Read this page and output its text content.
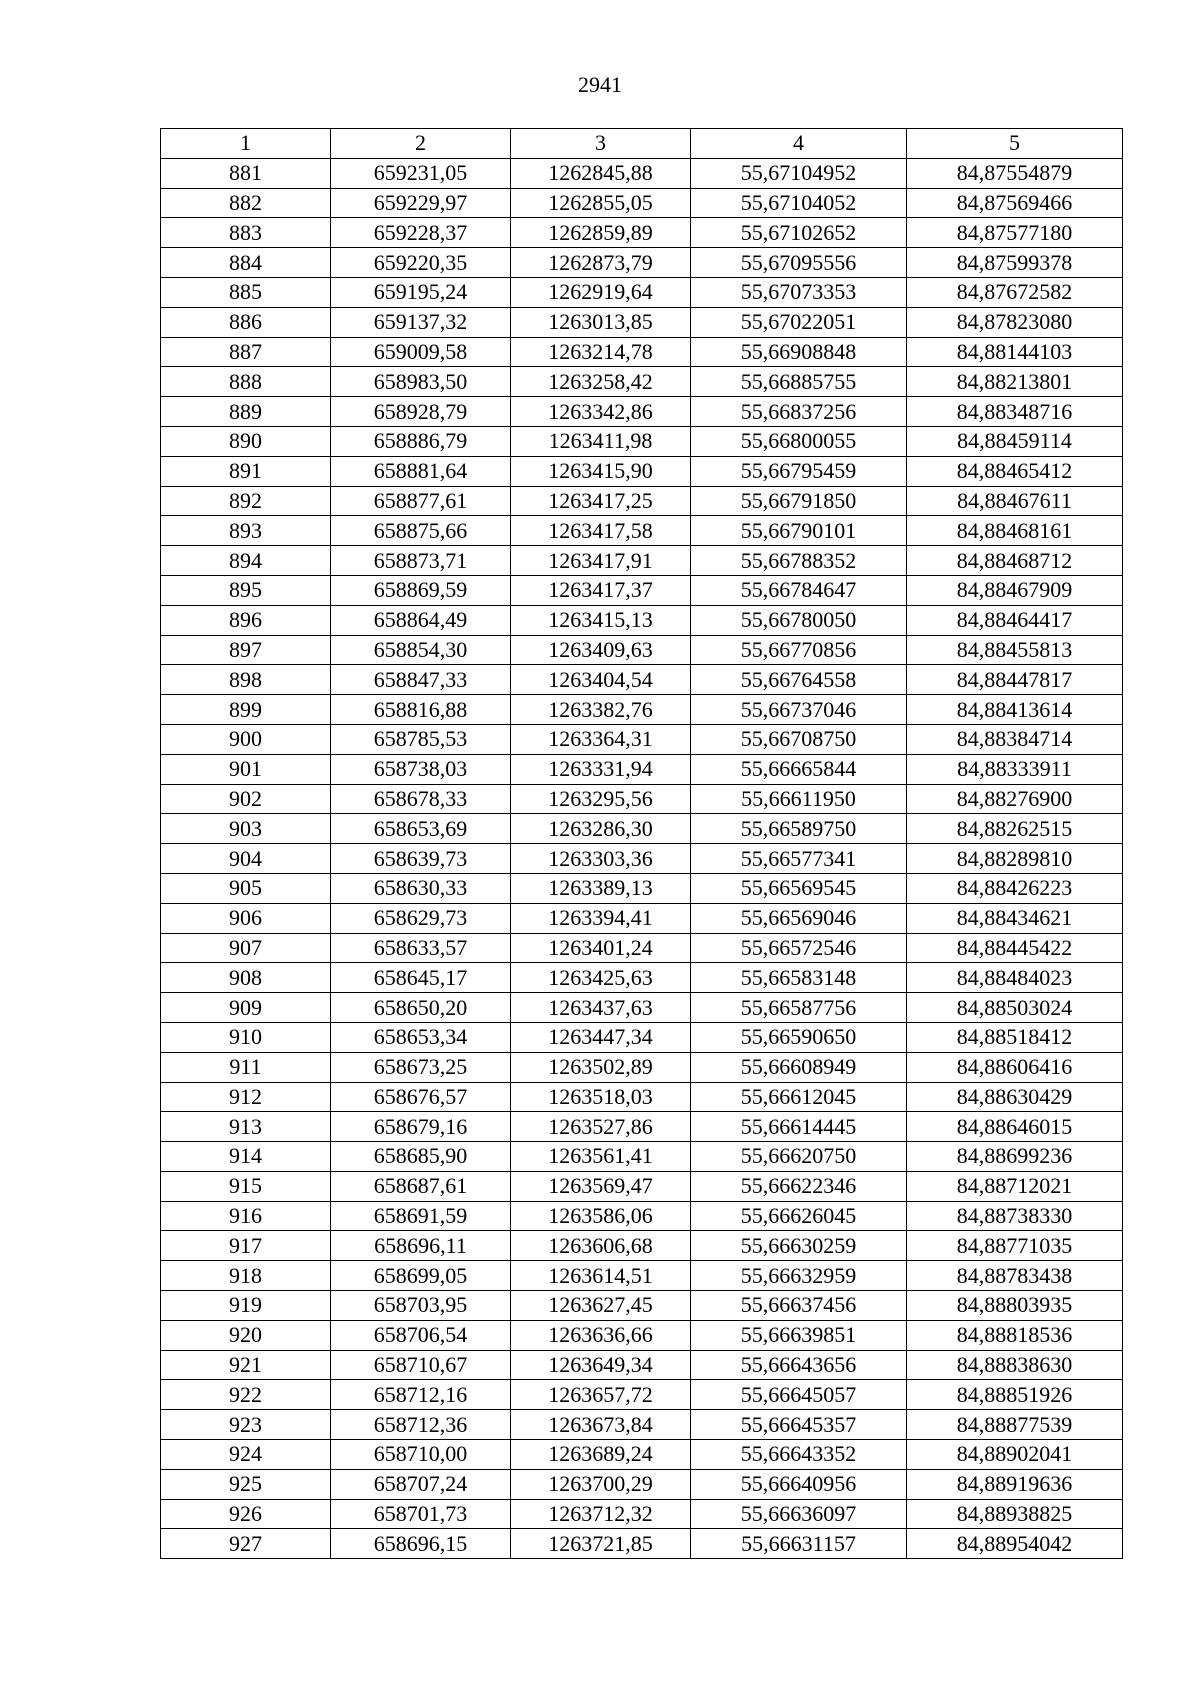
2941
1	2	3	4	5
881	659231,05	1262845,88	55,67104952	84,87554879
882	659229,97	1262855,05	55,67104052	84,87569466
883	659228,37	1262859,89	55,67102652	84,87577180
884	659220,35	1262873,79	55,67095556	84,87599378
885	659195,24	1262919,64	55,67073353	84,87672582
886	659137,32	1263013,85	55,67022051	84,87823080
887	659009,58	1263214,78	55,66908848	84,88144103
888	658983,50	1263258,42	55,66885755	84,88213801
889	658928,79	1263342,86	55,66837256	84,88348716
890	658886,79	1263411,98	55,66800055	84,88459114
891	658881,64	1263415,90	55,66795459	84,88465412
892	658877,61	1263417,25	55,66791850	84,88467611
893	658875,66	1263417,58	55,66790101	84,88468161
894	658873,71	1263417,91	55,66788352	84,88468712
895	658869,59	1263417,37	55,66784647	84,88467909
896	658864,49	1263415,13	55,66780050	84,88464417
897	658854,30	1263409,63	55,66770856	84,88455813
898	658847,33	1263404,54	55,66764558	84,88447817
899	658816,88	1263382,76	55,66737046	84,88413614
900	658785,53	1263364,31	55,66708750	84,88384714
901	658738,03	1263331,94	55,66665844	84,88333911
902	658678,33	1263295,56	55,66611950	84,88276900
903	658653,69	1263286,30	55,66589750	84,88262515
904	658639,73	1263303,36	55,66577341	84,88289810
905	658630,33	1263389,13	55,66569545	84,88426223
906	658629,73	1263394,41	55,66569046	84,88434621
907	658633,57	1263401,24	55,66572546	84,88445422
908	658645,17	1263425,63	55,66583148	84,88484023
909	658650,20	1263437,63	55,66587756	84,88503024
910	658653,34	1263447,34	55,66590650	84,88518412
911	658673,25	1263502,89	55,66608949	84,88606416
912	658676,57	1263518,03	55,66612045	84,88630429
913	658679,16	1263527,86	55,66614445	84,88646015
914	658685,90	1263561,41	55,66620750	84,88699236
915	658687,61	1263569,47	55,66622346	84,88712021
916	658691,59	1263586,06	55,66626045	84,88738330
917	658696,11	1263606,68	55,66630259	84,88771035
918	658699,05	1263614,51	55,66632959	84,88783438
919	658703,95	1263627,45	55,66637456	84,88803935
920	658706,54	1263636,66	55,66639851	84,88818536
921	658710,67	1263649,34	55,66643656	84,88838630
922	658712,16	1263657,72	55,66645057	84,88851926
923	658712,36	1263673,84	55,66645357	84,88877539
924	658710,00	1263689,24	55,66643352	84,88902041
925	658707,24	1263700,29	55,66640956	84,88919636
926	658701,73	1263712,32	55,66636097	84,88938825
927	658696,15	1263721,85	55,66631157	84,88954042
